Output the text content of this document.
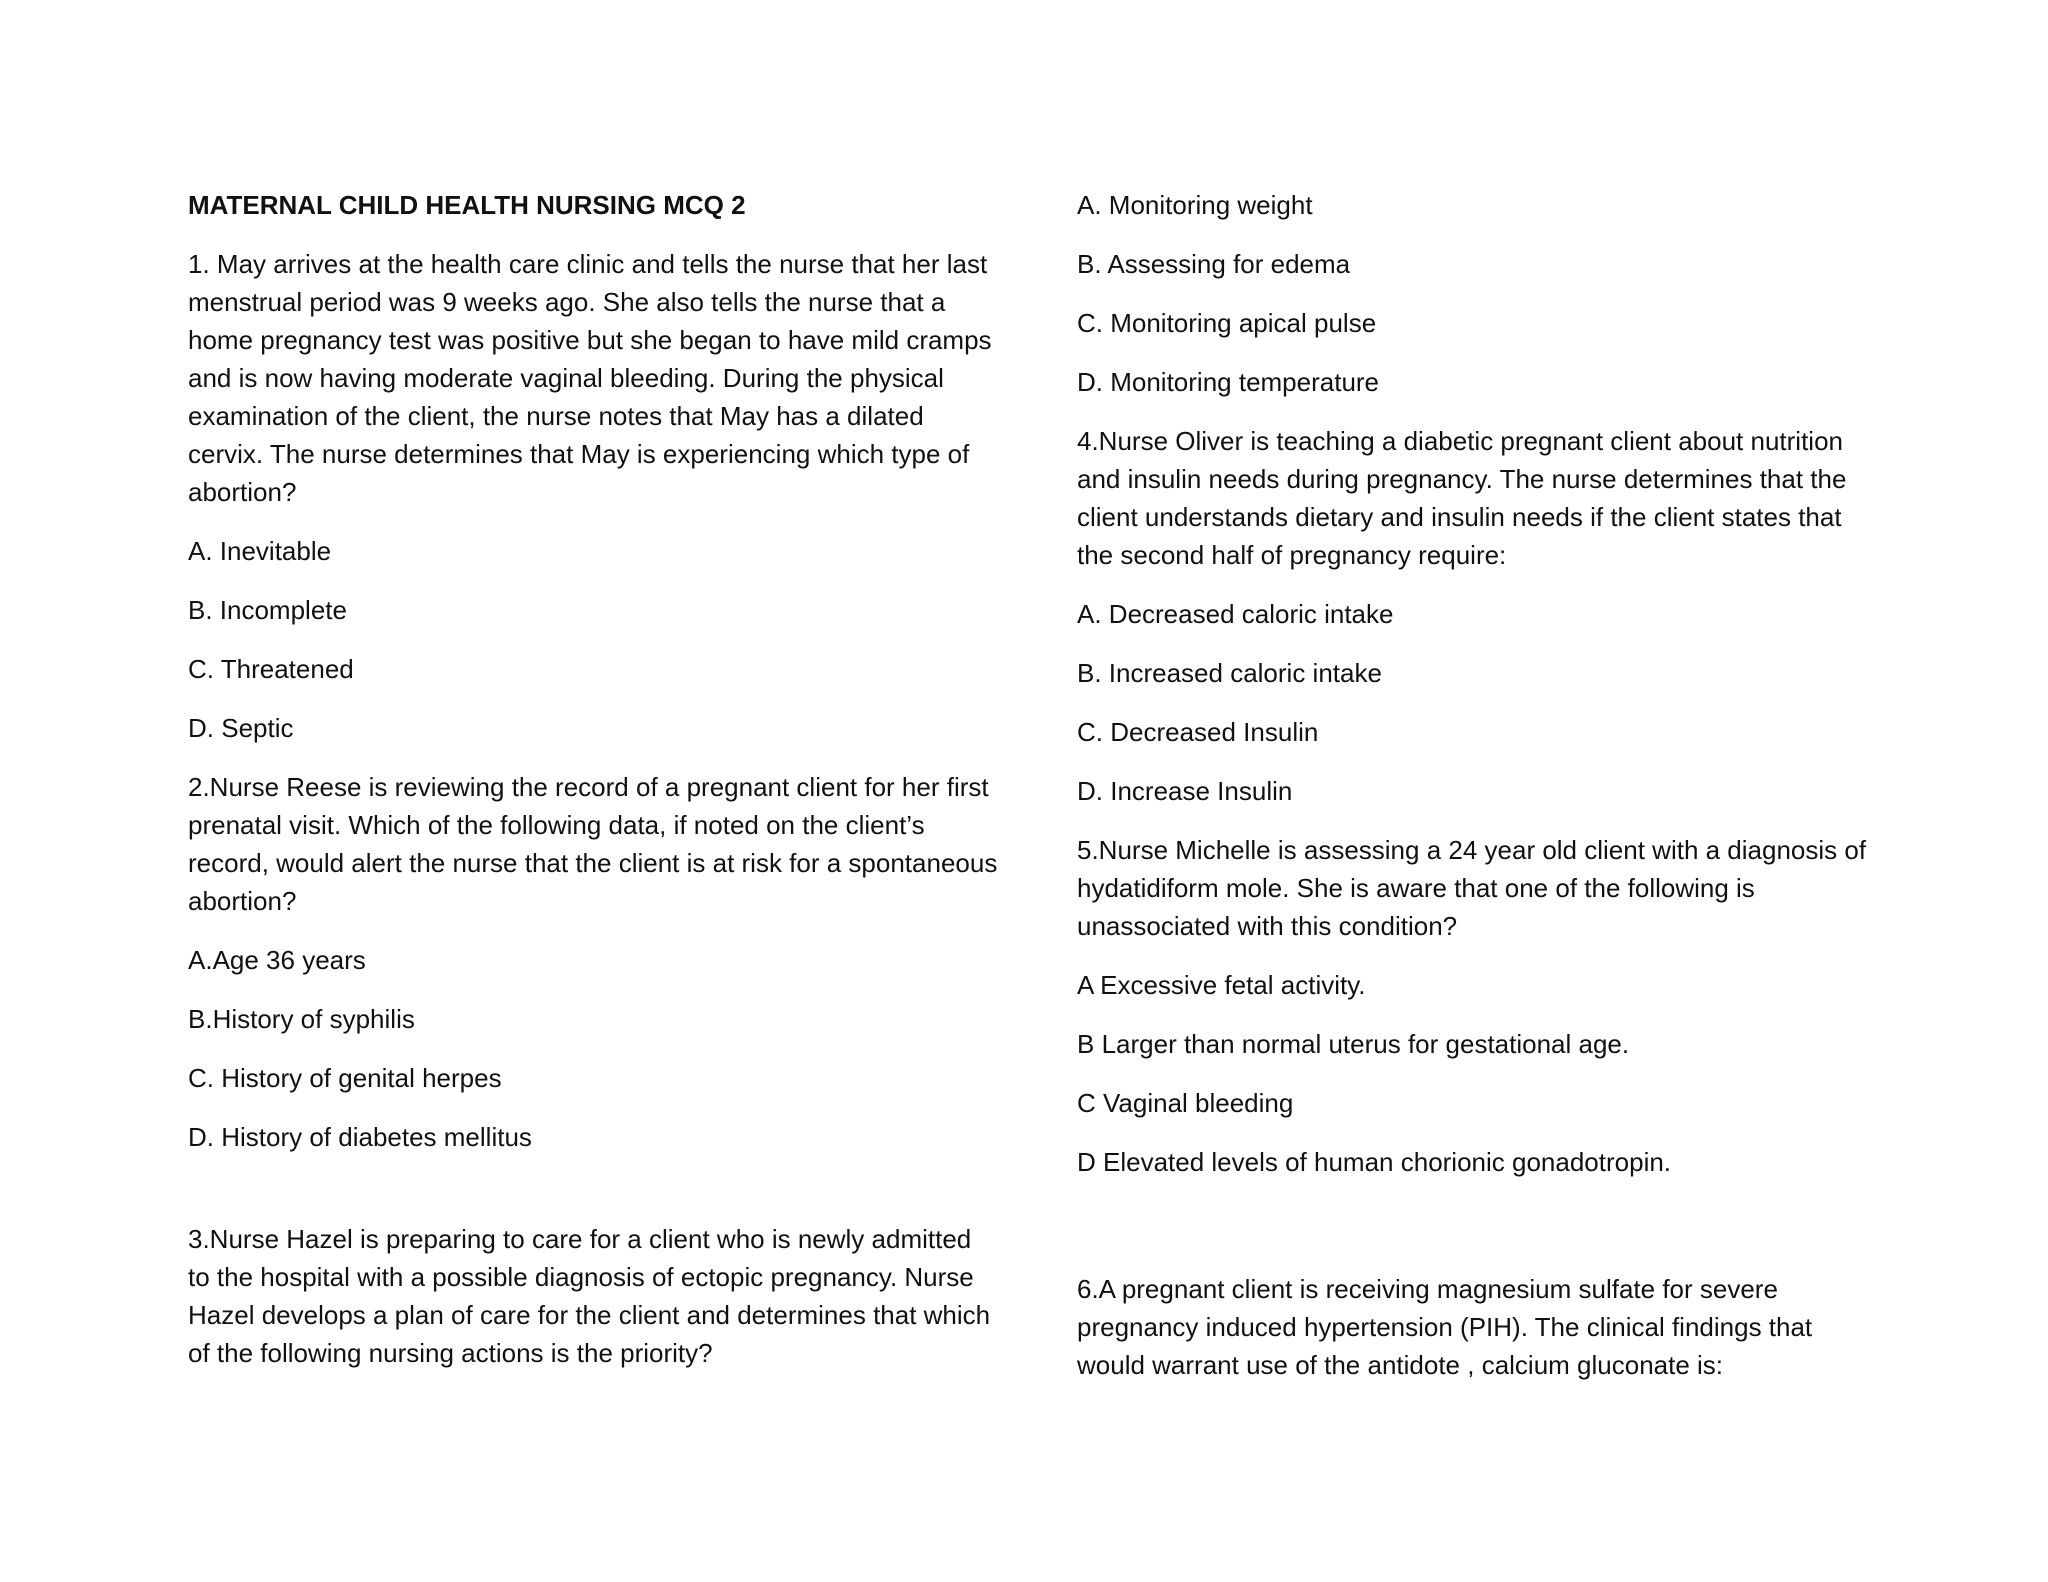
MATERNAL CHILD HEALTH NURSING MCQ 2

1. May arrives at the health care clinic and tells the nurse that her last menstrual period was 9 weeks ago. She also tells the nurse that a home pregnancy test was positive but she began to have mild cramps and is now having moderate vaginal bleeding. During the physical examination of the client, the nurse notes that May has a dilated cervix. The nurse determines that May is experiencing which type of abortion?

A. Inevitable

B. Incomplete

C. Threatened

D. Septic

2.Nurse Reese is reviewing the record of a pregnant client for her first prenatal visit. Which of the following data, if noted on the client’s record, would alert the nurse that the client is at risk for a spontaneous abortion?

A.Age 36 years

B.History of syphilis

C. History of genital herpes

D. History of diabetes mellitus

3.Nurse Hazel is preparing to care for a client who is newly admitted to the hospital with a possible diagnosis of ectopic pregnancy. Nurse Hazel develops a plan of care for the client and determines that which of the following nursing actions is the priority?

A. Monitoring weight

B. Assessing for edema

C. Monitoring apical pulse

D. Monitoring temperature

4.Nurse Oliver is teaching a diabetic pregnant client about nutrition and insulin needs during pregnancy. The nurse determines that the client understands dietary and insulin needs if the client states that the second half of pregnancy require:

A. Decreased caloric intake

B. Increased caloric intake

C. Decreased Insulin

D. Increase Insulin

5.Nurse Michelle is assessing a 24 year old client with a diagnosis of hydatidiform mole. She is aware that one of the following is unassociated with this condition?

A Excessive fetal activity.

B Larger than normal uterus for gestational age.

C Vaginal bleeding

D Elevated levels of human chorionic gonadotropin.

6.A pregnant client is receiving magnesium sulfate for severe pregnancy induced hypertension (PIH). The clinical findings that would warrant use of the antidote , calcium gluconate is:
